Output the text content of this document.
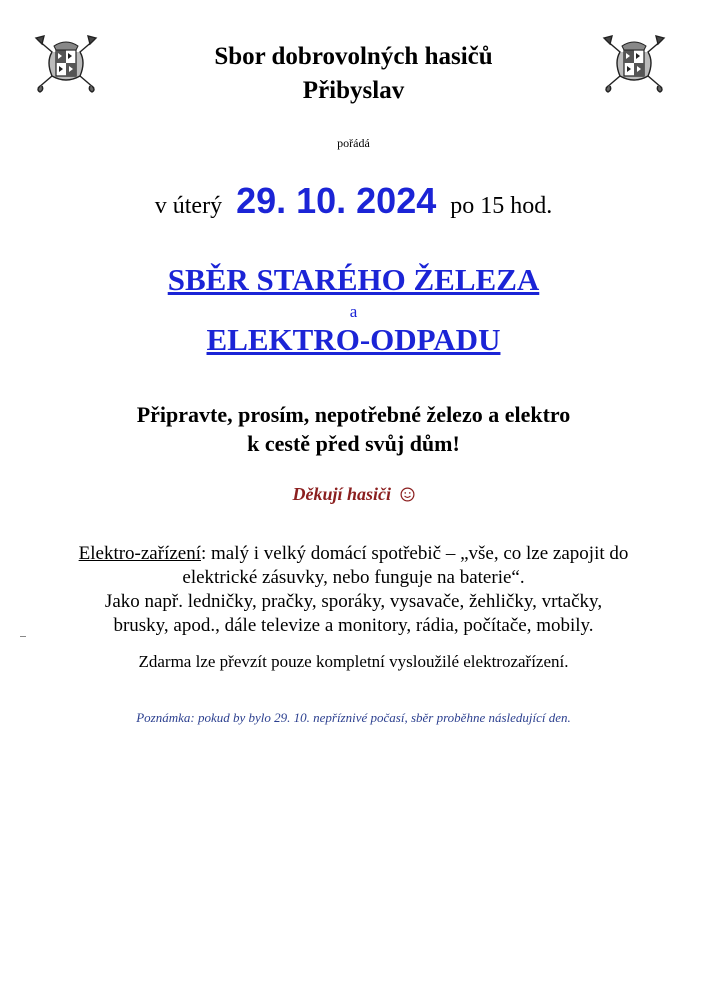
Sbor dobrovolných hasičů
Přibyslav
pořádá
v úterý 29. 10. 2024 po 15 hod.
SBĚR STARÉHO ŽELEZA
a
ELEKTRO-ODPADU
Připravte, prosím, nepotřebné železo a elektro
k cestě před svůj dům!
Děkují hasiči
Elektro-zařízení: malý i velký domácí spotřebič – „vše, co lze zapojit do
elektrické zásuvky, nebo funguje na baterie“.
Jako např. ledničky, pračky, sporáky, vysavače, žehličky, vrtačky,
brusky, apod., dále televize a monitory, rádia, počítače, mobily.
Zdarma lze převzít pouze kompletní vysloužilé elektrozařízení.
Poznámka: pokud by bylo 29. 10. nepříznivé počasí, sběr proběhne následující den.
